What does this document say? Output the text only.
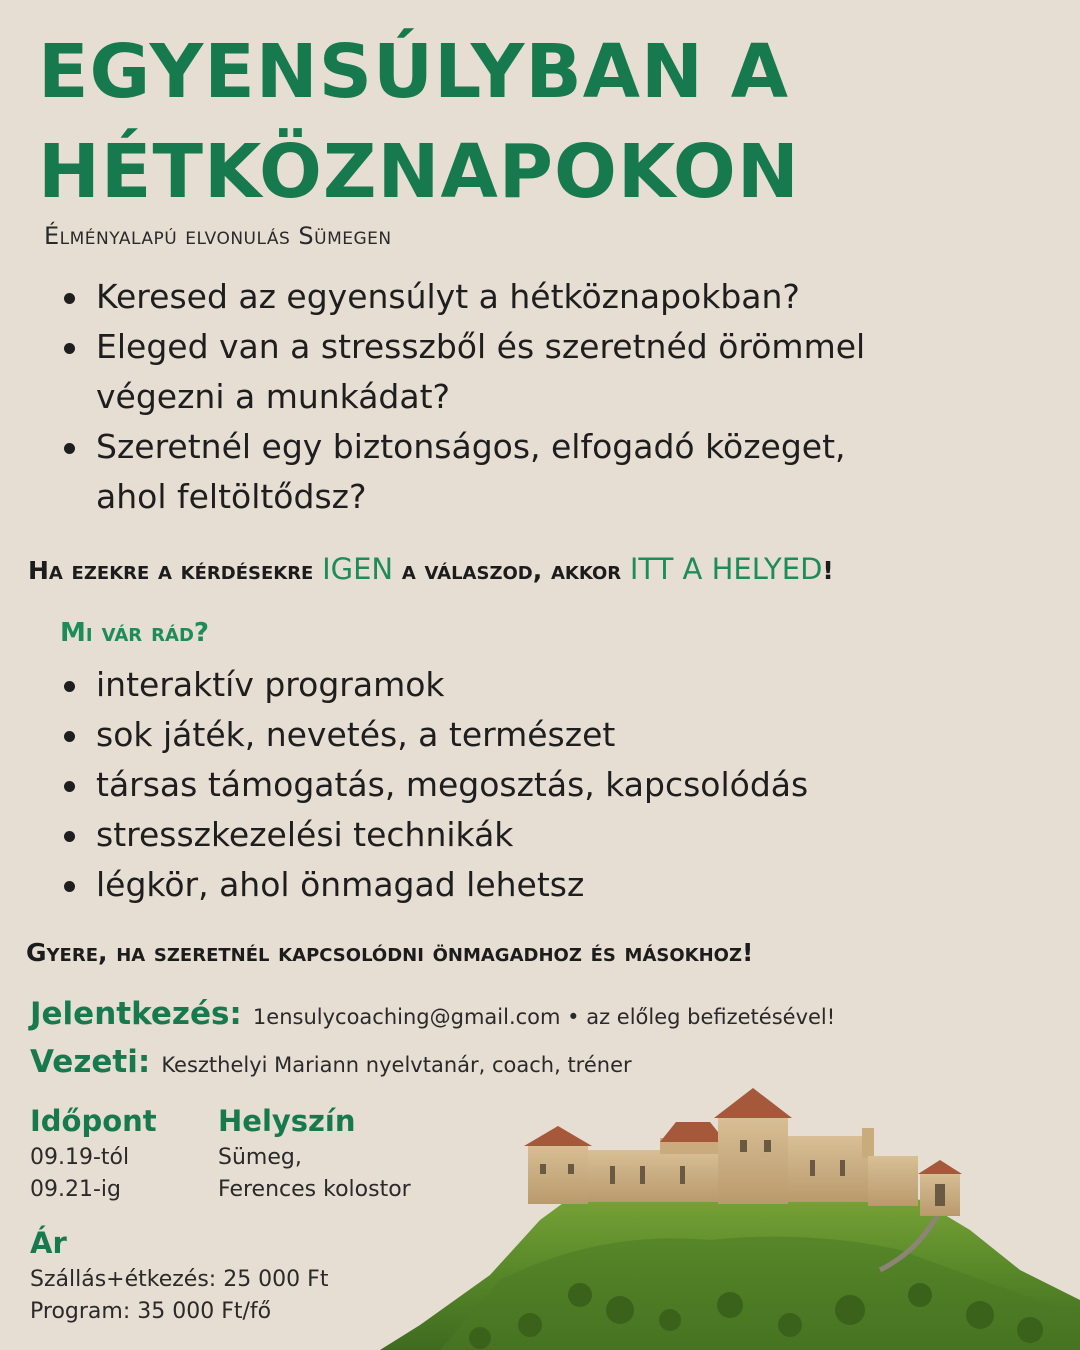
EGYENSÚLYBAN A
HÉTKÖZNAPOKON
Élményalapú elvonulás Sümegen
Keresed az egyensúlyt a hétköznapokban?
Eleged van a stresszből és szeretnéd örömmel végezni a munkádat?
Szeretnél egy biztonságos, elfogadó közeget, ahol feltöltődsz?
Ha ezekre a kérdésekre IGEN a válaszod, akkor ITT A HELYED!
Mi vár rád?
interaktív programok
sok játék, nevetés, a természet
társas támogatás, megosztás, kapcsolódás
stresszkezelési technikák
légkör, ahol önmagad lehetsz
Gyere, ha szeretnél kapcsolódni önmagadhoz és másokhoz!
Jelentkezés: 1ensulycoaching@gmail.com • az előleg befizetésével!
Vezeti: Keszthelyi Mariann nyelvtanár, coach, tréner
Időpont
09.19-tól
09.21-ig
Helyszín
Sümeg,
Ferences kolostor
Ár
Szállás+étkezés: 25 000 Ft
Program: 35 000 Ft/fő
